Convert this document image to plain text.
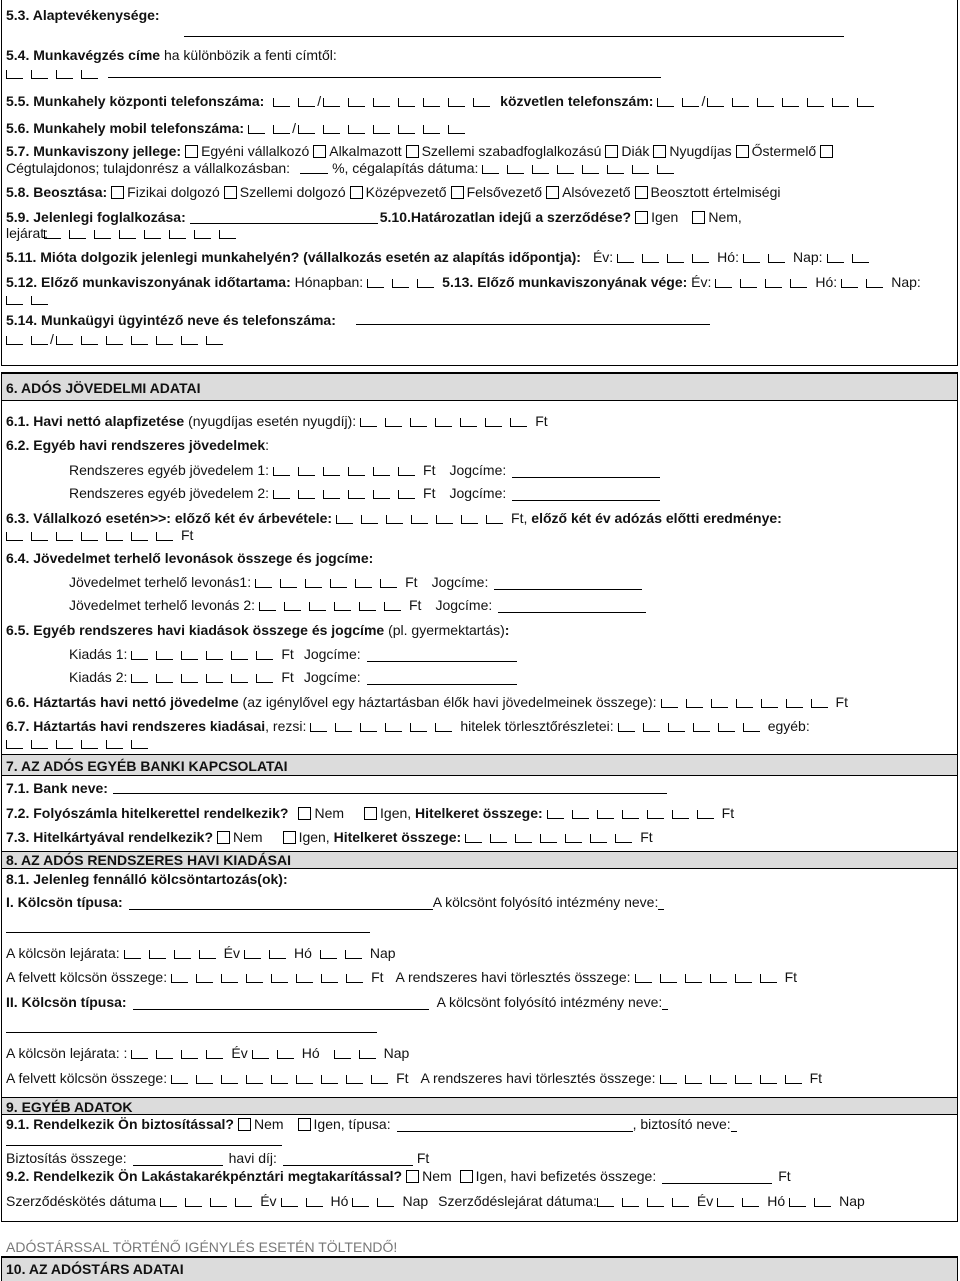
5.3. Alaptevékenysége:
5.4. Munkavégzés címe ha különbözik a fenti címtől:
5.5. Munkahely központi telefonszáma:	/	közvetlen telefonszám:	/
5.6. Munkahely mobil telefonszáma:	/
5.7. Munkaviszony jellege: Egyéni vállalkozó Alkalmazott Szellemi szabadfoglalkozású Diák Nyugdíjas Őstermelő
Cégtulajdonos; tulajdonrész a vállalkozásban:	%, cégalapítás dátuma:
5.8. Beosztása: Fizikai dolgozó Szellemi dolgozó Középvezető Felsővezető Alsóvezető Beosztott értelmiségi
5.9. Jelenlegi foglalkozása:	5.10.Határozatlan idejű a szerződése? Igen Nem,
lejárat:
5.11. Mióta dolgozik jelenlegi munkahelyén? (vállalkozás esetén az alapítás időpontja): Év:	Hó:	Nap:
5.12. Előző munkaviszonyának időtartama: Hónapban:	5.13. Előző munkaviszonyának vége: Év:	Hó:	Nap:
5.14. Munkaügyi ügyintéző neve és telefonszáma:
/
6. ADÓS JÖVEDELMI ADATAI
6.1. Havi nettó alapfizetése (nyugdíjas esetén nyugdíj):	Ft
6.2. Egyéb havi rendszeres jövedelmek:
Rendszeres egyéb jövedelem 1:	Ft Jogcíme:
Rendszeres egyéb jövedelem 2:	Ft Jogcíme:
6.3. Vállalkozó esetén>>: előző két év árbevétele:	Ft, előző két év adózás előtti eredménye:
Ft
6.4. Jövedelmet terhelő levonások összege és jogcíme:
Jövedelmet terhelő levonás1:	Ft Jogcíme:
Jövedelmet terhelő levonás 2:	Ft Jogcíme:
6.5. Egyéb rendszeres havi kiadások összege és jogcíme (pl. gyermektartás):
Kiadás 1:	Ft Jogcíme:
Kiadás 2:	Ft Jogcíme:
6.6. Háztartás havi nettó jövedelme (az igénylővel egy háztartásban élők havi jövedelmeinek összege):	Ft
6.7. Háztartás havi rendszeres kiadásai, rezsi:	hitelek törlesztőrészletei:	egyéb:
7. AZ ADÓS EGYÉB BANKI KAPCSOLATAI
7.1. Bank neve:
7.2. Folyószámla hitelkerettel rendelkezik? Nem	Igen, Hitelkeret összege:	Ft
7.3. Hitelkártyával rendelkezik? Nem	Igen, Hitelkeret összege:	Ft
8. AZ ADÓS RENDSZERES HAVI KIADÁSAI
8.1. Jelenleg fennálló kölcsöntartozás(ok):
I. Kölcsön típusa:	A kölcsönt folyósító intézmény neve:
A kölcsön lejárata:	Év	Hó	Nap
A felvett kölcsön összege:	Ft A rendszeres havi törlesztés összege:	Ft
II. Kölcsön típusa:	A kölcsönt folyósító intézmény neve:
A kölcsön lejárata: :	Év	Hó	Nap
A felvett kölcsön összege:	Ft A rendszeres havi törlesztés összege:	Ft
9. EGYÉB ADATOK
9.1. Rendelkezik Ön biztosítással? Nem Igen, típusa:	, biztosító neve:
Biztosítás összege:	havi díj:	Ft
9.2. Rendelkezik Ön Lakástakarékpénztári megtakarítással? Nem Igen, havi befizetés összege:	Ft
Szerződéskötés dátuma	Év	Hó	Nap Szerződéslejárat dátuma:	Év	Hó	Nap
ADÓSTÁRSSAL TÖRTÉNŐ IGÉNYLÉS ESETÉN TÖLTENDŐ!
10. AZ ADÓSTÁRS ADATAI
